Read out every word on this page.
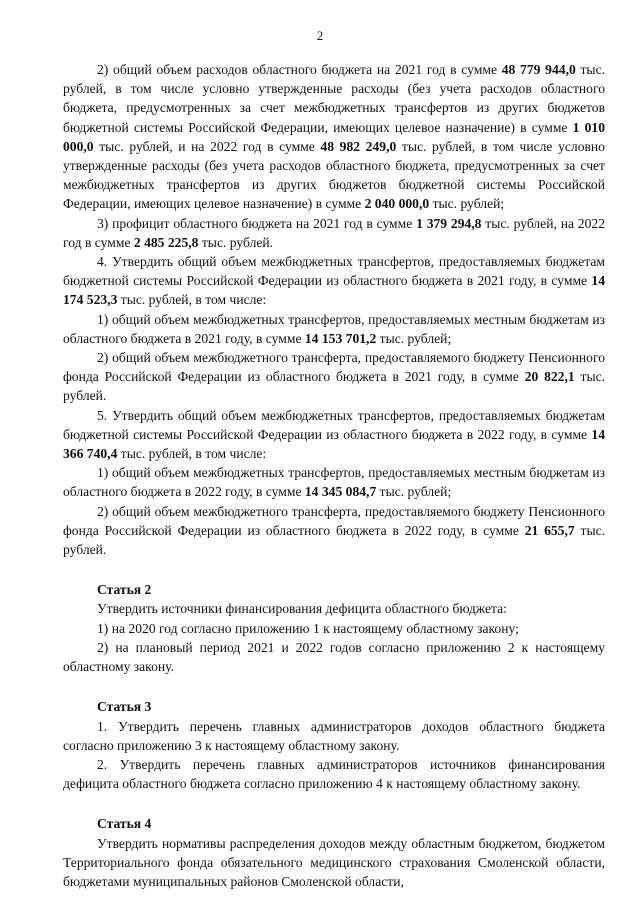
2

2) общий объем расходов областного бюджета на 2021 год в сумме 48 779 944,0 тыс. рублей, в том числе условно утвержденные расходы (без учета расходов областного бюджета, предусмотренных за счет межбюджетных трансфертов из других бюджетов бюджетной системы Российской Федерации, имеющих целевое назначение) в сумме 1 010 000,0 тыс. рублей, и на 2022 год в сумме 48 982 249,0 тыс. рублей, в том числе условно утвержденные расходы (без учета расходов областного бюджета, предусмотренных за счет межбюджетных трансфертов из других бюджетов бюджетной системы Российской Федерации, имеющих целевое назначение) в сумме 2 040 000,0 тыс. рублей;

3) профицит областного бюджета на 2021 год в сумме 1 379 294,8 тыс. рублей, на 2022 год в сумме 2 485 225,8 тыс. рублей.

4. Утвердить общий объем межбюджетных трансфертов, предоставляемых бюджетам бюджетной системы Российской Федерации из областного бюджета в 2021 году, в сумме 14 174 523,3 тыс. рублей, в том числе:

1) общий объем межбюджетных трансфертов, предоставляемых местным бюджетам из областного бюджета в 2021 году, в сумме 14 153 701,2 тыс. рублей;

2) общий объем межбюджетного трансферта, предоставляемого бюджету Пенсионного фонда Российской Федерации из областного бюджета в 2021 году, в сумме 20 822,1 тыс. рублей.

5. Утвердить общий объем межбюджетных трансфертов, предоставляемых бюджетам бюджетной системы Российской Федерации из областного бюджета в 2022 году, в сумме 14 366 740,4 тыс. рублей, в том числе:

1) общий объем межбюджетных трансфертов, предоставляемых местным бюджетам из областного бюджета в 2022 году, в сумме 14 345 084,7 тыс. рублей;

2) общий объем межбюджетного трансферта, предоставляемого бюджету Пенсионного фонда Российской Федерации из областного бюджета в 2022 году, в сумме 21 655,7 тыс. рублей.

Статья 2

Утвердить источники финансирования дефицита областного бюджета:

1) на 2020 год согласно приложению 1 к настоящему областному закону;

2) на плановый период 2021 и 2022 годов согласно приложению 2 к настоящему областному закону.

Статья 3

1. Утвердить перечень главных администраторов доходов областного бюджета согласно приложению 3 к настоящему областному закону.

2. Утвердить перечень главных администраторов источников финансирования дефицита областного бюджета согласно приложению 4 к настоящему областному закону.

Статья 4

Утвердить нормативы распределения доходов между областным бюджетом, бюджетом Территориального фонда обязательного медицинского страхования Смоленской области, бюджетами муниципальных районов Смоленской области,
